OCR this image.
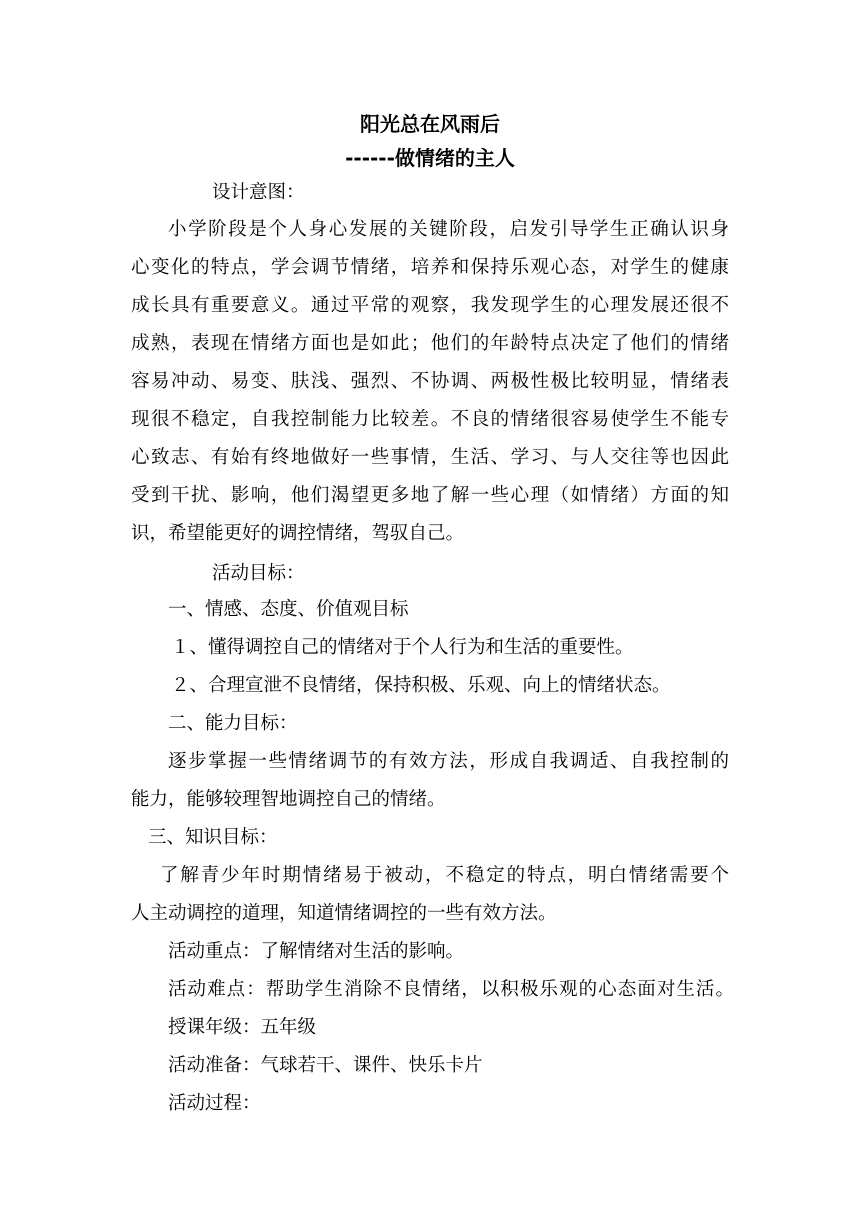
阳光总在风雨后
------做情绪的主人
设计意图：
小学阶段是个人身心发展的关键阶段，启发引导学生正确认识身
心变化的特点，学会调节情绪，培养和保持乐观心态，对学生的健康
成长具有重要意义。通过平常的观察，我发现学生的心理发展还很不
成熟，表现在情绪方面也是如此；他们的年龄特点决定了他们的情绪
容易冲动、易变、肤浅、强烈、不协调、两极性极比较明显，情绪表
现很不稳定，自我控制能力比较差。不良的情绪很容易使学生不能专
心致志、有始有终地做好一些事情，生活、学习、与人交往等也因此
受到干扰、影响，他们渴望更多地了解一些心理（如情绪）方面的知
识，希望能更好的调控情绪，驾驭自己。
活动目标：
一、情感、态度、价值观目标
１、懂得调控自己的情绪对于个人行为和生活的重要性。
２、合理宣泄不良情绪，保持积极、乐观、向上的情绪状态。
二、能力目标：
逐步掌握一些情绪调节的有效方法，形成自我调适、自我控制的
能力，能够较理智地调控自己的情绪。
三、知识目标：
了解青少年时期情绪易于被动，不稳定的特点，明白情绪需要个
人主动调控的道理，知道情绪调控的一些有效方法。
活动重点：了解情绪对生活的影响。
活动难点：帮助学生消除不良情绪，以积极乐观的心态面对生活。
授课年级：五年级
活动准备：气球若干、课件、快乐卡片
活动过程：
